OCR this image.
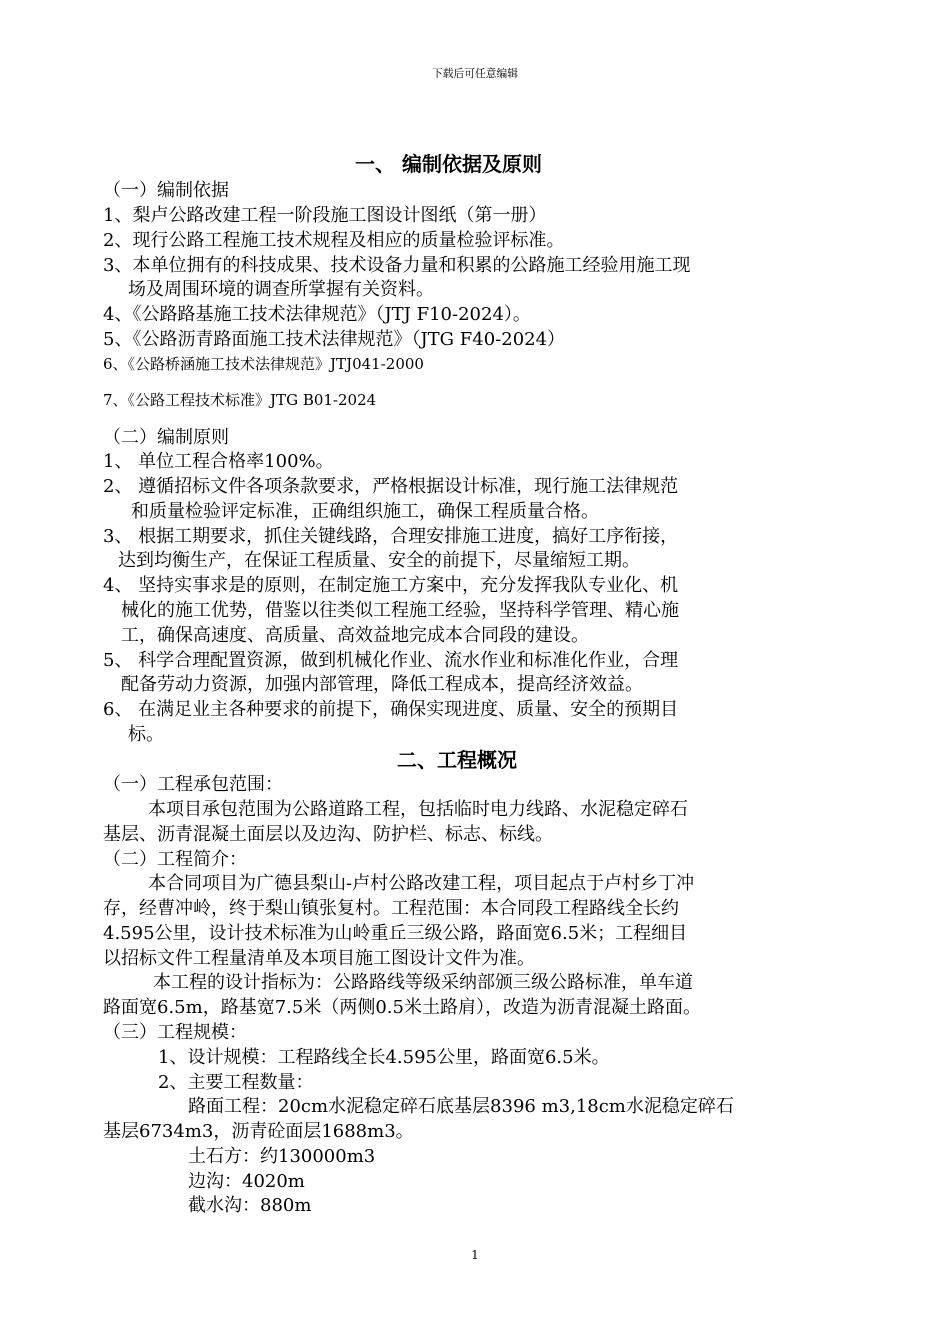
下载后可任意编辑
一、 编制依据及原则
（一）编制依据
1、梨卢公路改建工程一阶段施工图设计图纸（第一册）
2、现行公路工程施工技术规程及相应的质量检验评标准。
3、本单位拥有的科技成果、技术设备力量和积累的公路施工经验用施工现
场及周围环境的调查所掌握有关资料。
4、《公路路基施工技术法律规范》（JTJ F10-2024）。
5、《公路沥青路面施工技术法律规范》（JTG F40-2024）
6、《公路桥涵施工技术法律规范》JTJ041-2000
7、《公路工程技术标准》JTG B01-2024
（二）编制原则
1、 单位工程合格率100%。
2、 遵循招标文件各项条款要求，严格根据设计标准，现行施工法律规范
和质量检验评定标准，正确组织施工，确保工程质量合格。
3、 根据工期要求，抓住关键线路，合理安排施工进度，搞好工序衔接，
达到均衡生产，在保证工程质量、安全的前提下，尽量缩短工期。
4、 坚持实事求是的原则，在制定施工方案中，充分发挥我队专业化、机
械化的施工优势，借鉴以往类似工程施工经验，坚持科学管理、精心施
工，确保高速度、高质量、高效益地完成本合同段的建设。
5、 科学合理配置资源，做到机械化作业、流水作业和标准化作业，合理
配备劳动力资源，加强内部管理，降低工程成本，提高经济效益。
6、 在满足业主各种要求的前提下，确保实现进度、质量、安全的预期目
标。
二、工程概况
（一）工程承包范围：
本项目承包范围为公路道路工程，包括临时电力线路、水泥稳定碎石
基层、沥青混凝土面层以及边沟、防护栏、标志、标线。
（二）工程简介：
本合同项目为广德县梨山-卢村公路改建工程，项目起点于卢村乡丁冲
存，经曹冲岭，终于梨山镇张复村。工程范围：本合同段工程路线全长约
4.595公里，设计技术标准为山岭重丘三级公路，路面宽6.5米；工程细目
以招标文件工程量清单及本项目施工图设计文件为准。
本工程的设计指标为：公路路线等级采纳部颁三级公路标准，单车道
路面宽6.5m，路基宽7.5米（两侧0.5米土路肩），改造为沥青混凝土路面。
（三）工程规模：
1、设计规模：工程路线全长4.595公里，路面宽6.5米。
2、主要工程数量：
路面工程：20cm水泥稳定碎石底基层8396 m3,18cm水泥稳定碎石
基层6734m3，沥青砼面层1688m3。
土石方：约130000m3
边沟：4020m
截水沟：880m
1
